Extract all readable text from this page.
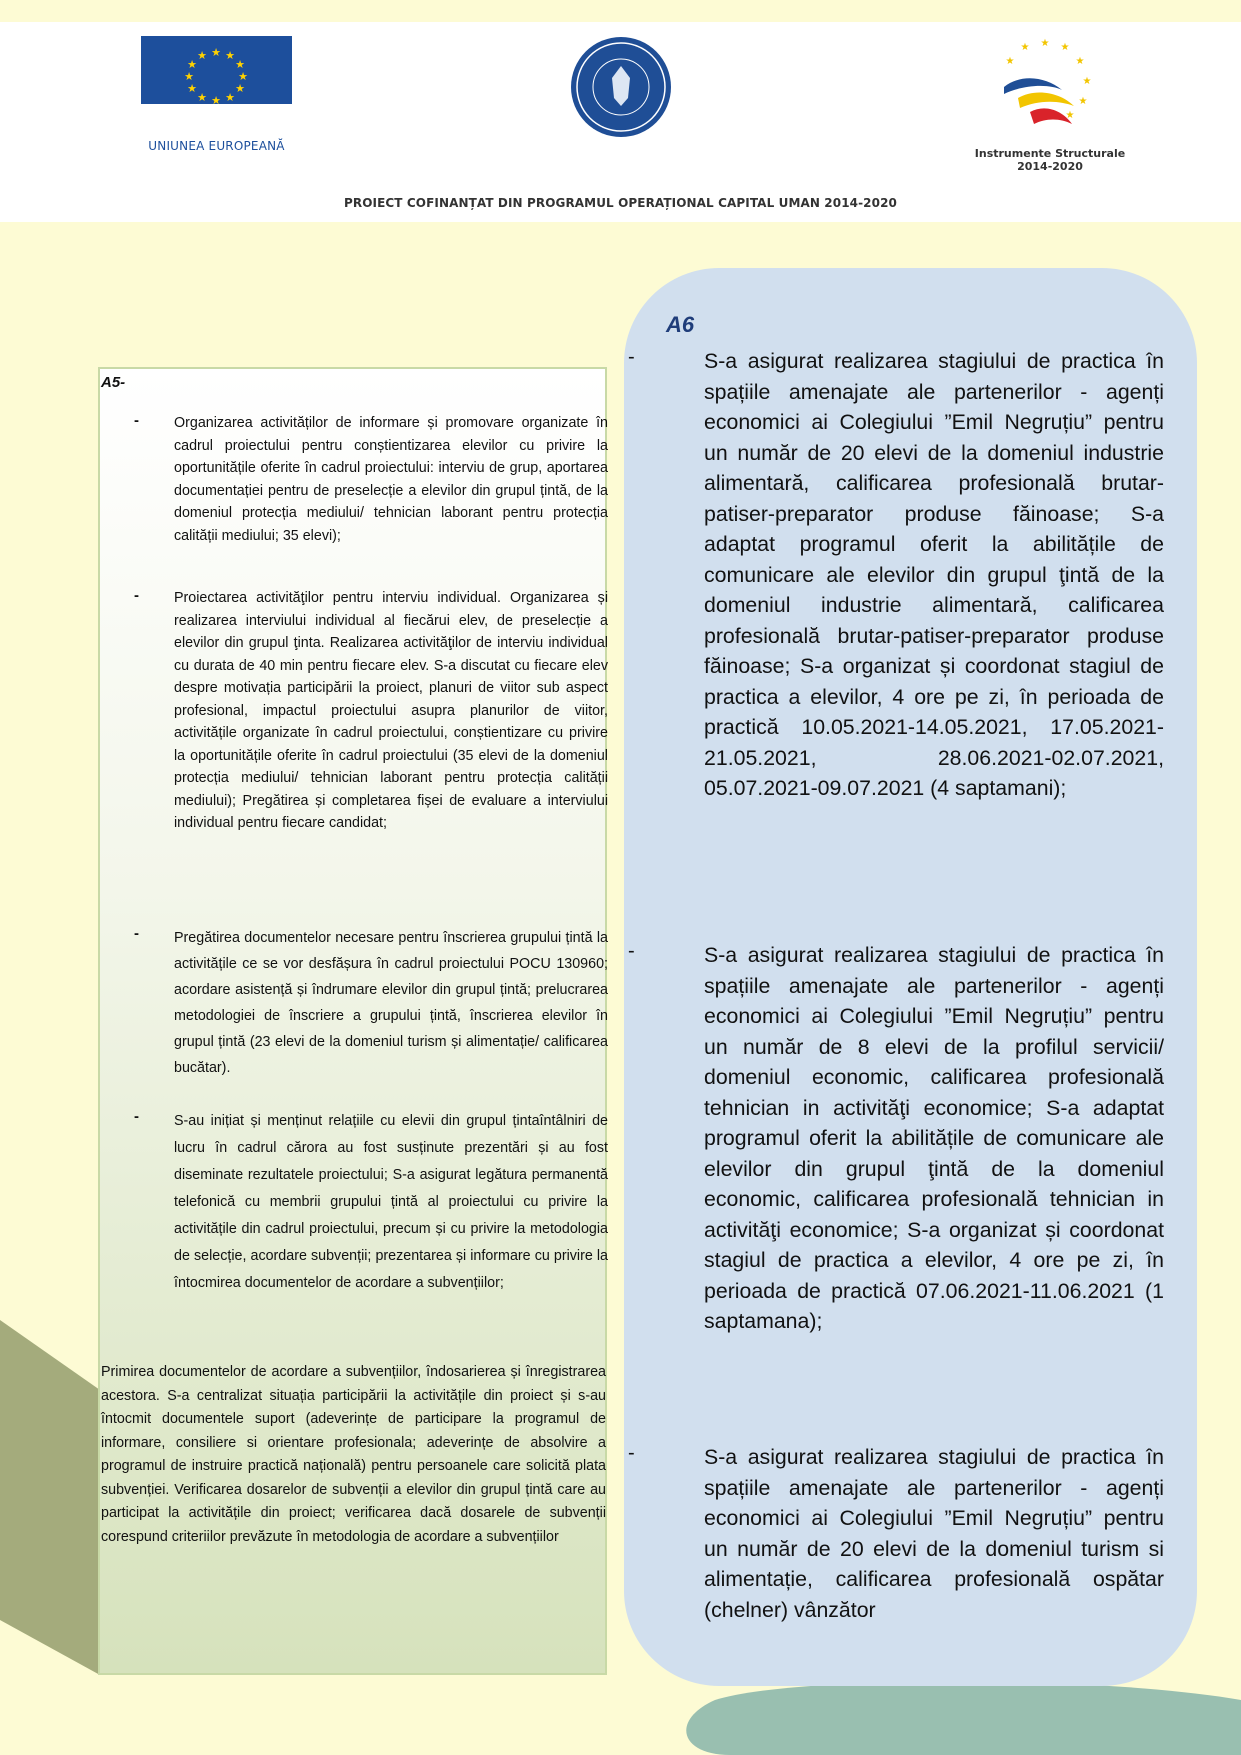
★ ★
★
★
★
★
★
★
★
★
★
★
UNIUNEA EUROPEANĂ
★ ★
★
★
★
★
★
★
Instrumente Structurale
2014-2020
PROIECT COFINANȚAT DIN PROGRAMUL OPERAȚIONAL CAPITAL UMAN 2014-2020
A5-
- Organizarea activităților de informare și promovare organizate în cadrul proiectului pentru conștientizarea elevilor cu privire la oportunitățile oferite în cadrul proiectului: interviu de grup, aportarea documentației pentru de preselecție a elevilor din grupul țintă, de la domeniul protecția mediului/ tehnician laborant pentru protecția calității mediului; 35 elevi);
- Proiectarea activităţilor pentru interviu individual. Organizarea și realizarea interviului individual al fiecărui elev, de preselecție a elevilor din grupul ţinta. Realizarea activităţilor de interviu individual cu durata de 40 min pentru fiecare elev. S-a discutat cu fiecare elev despre motivația participării la proiect, planuri de viitor sub aspect profesional, impactul proiectului asupra planurilor de viitor, activitățile organizate în cadrul proiectului, conștientizare cu privire la oportunitățile oferite în cadrul proiectului (35 elevi de la domeniul protecția mediului/ tehnician laborant pentru protecția calității mediului); Pregătirea și completarea fișei de evaluare a interviului individual pentru fiecare candidat;
- Pregătirea documentelor necesare pentru înscrierea grupului țintă la activitățile ce se vor desfășura în cadrul proiectului POCU 130960; acordare asistență și îndrumare elevilor din grupul țintă; prelucrarea metodologiei de înscriere a grupului țintă, înscrierea elevilor în grupul țintă (23 elevi de la domeniul turism și alimentație/ calificarea bucătar).
- S-au inițiat și menținut relațiile cu elevii din grupul țintaîntâlniri de lucru în cadrul cărora au fost susținute prezentări și au fost diseminate rezultatele proiectului; S-a asigurat legătura permanentă telefonică cu membrii grupului țintă al proiectului cu privire la activitățile din cadrul proiectului, precum și cu privire la metodologia de selecție, acordare subvenții; prezentarea și informare cu privire la întocmirea documentelor de acordare a subvențiilor;
Primirea documentelor de acordare a subvențiilor, îndosarierea și înregistrarea acestora. S-a centralizat situația participării la activitățile din proiect și s-au întocmit documentele suport (adeverințe de participare la programul de informare, consiliere si orientare profesionala; adeverințe de absolvire a programul de instruire practică națională) pentru persoanele care solicită plata subvenției. Verificarea dosarelor de subvenții a elevilor din grupul țintă care au participat la activitățile din proiect; verificarea dacă dosarele de subvenții corespund criteriilor prevăzute în metodologia de acordare a subvențiilor
A6
-	S-a asigurat realizarea stagiului de practica în spațiile amenajate ale partenerilor - agenți economici ai Colegiului ”Emil Negruțiu” pentru un număr de 20 elevi de la domeniul industrie alimentară, calificarea profesională brutar-patiser-preparator produse făinoase; S-a adaptat programul oferit la abilitățile de comunicare ale elevilor din grupul ţintă de la domeniul industrie alimentară, calificarea profesională brutar-patiser-preparator produse făinoase; S-a organizat și coordonat stagiul de practica a elevilor, 4 ore pe zi, în perioada de practică 10.05.2021-14.05.2021, 17.05.2021-21.05.2021, 28.06.2021-02.07.2021, 05.07.2021-09.07.2021 (4 saptamani);
-	S-a asigurat realizarea stagiului de practica în spațiile amenajate ale partenerilor - agenți economici ai Colegiului ”Emil Negruțiu” pentru un număr de 8 elevi de la profilul servicii/ domeniul economic, calificarea profesională tehnician in activităţi economice; S-a adaptat programul oferit la abilitățile de comunicare ale elevilor din grupul ţintă de la domeniul economic, calificarea profesională tehnician in activităţi economice; S-a organizat și coordonat stagiul de practica a elevilor, 4 ore pe zi, în perioada de practică 07.06.2021-11.06.2021 (1 saptamana);
-	S-a asigurat realizarea stagiului de practica în spațiile amenajate ale partenerilor - agenți economici ai Colegiului ”Emil Negruțiu” pentru un număr de 20 elevi de la domeniul turism si alimentație, calificarea profesională ospătar (chelner) vânzător
